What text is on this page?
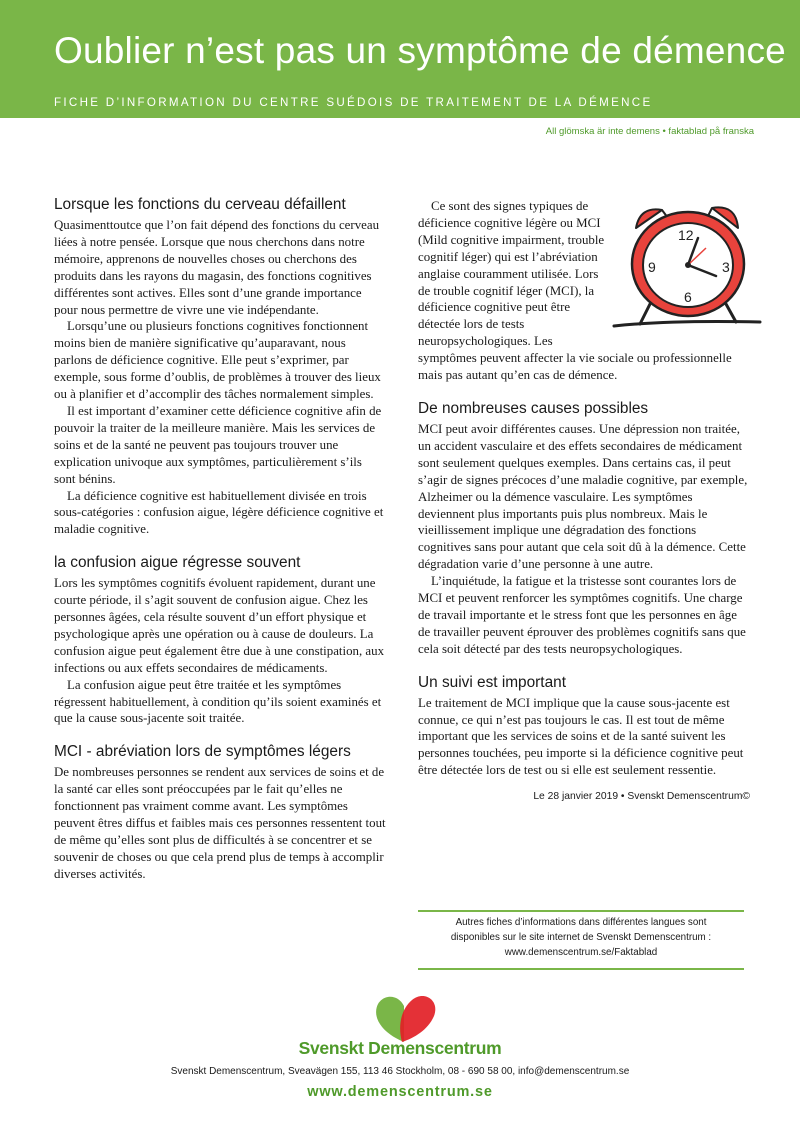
Oublier n’est pas un symptôme de démence
FICHE D’INFORMATION DU CENTRE SUÉDOIS DE TRAITEMENT DE LA DÉMENCE
All glömska är inte demens • faktablad på franska
Lorsque les fonctions du cerveau défaillent

Quasimenttoutce que l’on fait dépend des fonctions du cerveau liées à notre pensée. Lorsque que nous cherchons dans notre mémoire, apprenons de nouvelles choses ou cherchons des produits dans les rayons du magasin, des fonctions cognitives différentes sont actives. Elles sont d’une grande importance pour nous permettre de vivre une vie indépendante.

Lorsqu’une ou plusieurs fonctions cognitives fonctionnent moins bien de manière significative qu’auparavant, nous parlons de déficience cognitive. Elle peut s’exprimer, par exemple, sous forme d’oublis, de problèmes à trouver des lieux ou à planifier et d’accomplir des tâches normalement simples.

Il est important d’examiner cette déficience cognitive afin de pouvoir la traiter de la meilleure manière. Mais les services de soins et de la santé ne peuvent pas toujours trouver une explication univoque aux symptômes, particulièrement s’ils sont bénins.

La déficience cognitive est habituellement divisée en trois sous-catégories : confusion aigue, légère déficience cognitive et maladie cognitive.

la confusion aigue régresse souvent

Lors les symptômes cognitifs évoluent rapidement, durant une courte période, il s’agit souvent de confusion aigue. Chez les personnes âgées, cela résulte souvent d’un effort physique et psychologique après une opération ou à cause de douleurs. La confusion aigue peut également être due à une constipation, aux infections ou aux effets secondaires de médicaments.

La confusion aigue peut être traitée et les symptômes régressent habituellement, à condition qu’ils soient examinés et que la cause sous-jacente soit traitée.

MCI - abréviation lors de symptômes légers

De nombreuses personnes se rendent aux services de soins et de la santé car elles sont préoccupées par le fait qu’elles ne fonctionnent pas vraiment comme avant. Les symptômes peuvent êtres diffus et faibles mais ces personnes ressentent tout de même qu’elles sont plus de difficultés à se concentrer et se souvenir de choses ou que cela prend plus de temps à accomplir diverses activités.

12
3
6
9

Ce sont des signes typiques de déficience cognitive légère ou MCI (Mild cognitive impairment, trouble cognitif léger) qui est l’abréviation anglaise couramment utilisée. Lors de trouble cognitif léger (MCI), la déficience cognitive peut être détectée lors de tests neuropsychologiques. Les symptômes peuvent affecter la vie sociale ou professionnelle mais pas autant qu’en cas de démence.

De nombreuses causes possibles

MCI peut avoir différentes causes. Une dépression non traitée, un accident vasculaire et des effets secondaires de médicament sont seulement quelques exemples. Dans certains cas, il peut s’agir de signes précoces d’une maladie cognitive, par exemple, Alzheimer ou la démence vasculaire. Les symptômes deviennent plus importants puis plus nombreux. Mais le vieillissement implique une dégradation des fonctions cognitives sans pour autant que cela soit dû à la démence. Cette dégradation varie d’une personne à une autre.

L’inquiétude, la fatigue et la tristesse sont courantes lors de MCI et peuvent renforcer les symptômes cognitifs. Une charge de travail importante et le stress font que les personnes en âge de travailler peuvent éprouver des problèmes cognitifs sans que cela soit détecté par des tests neuropsychologiques.

Un suivi est important

Le traitement de MCI implique que la cause sous-jacente est connue, ce qui n’est pas toujours le cas. Il est tout de même important que les services de soins et de la santé suivent les personnes touchées, peu importe si la déficience cognitive peut être détectée lors de test ou si elle est seulement ressentie.

Le 28 janvier 2019 • Svenskt Demenscentrum©
Autres fiches d’informations dans différentes langues sont
disponibles sur le site internet de Svenskt Demenscentrum :
www.demenscentrum.se/Faktablad
Svenskt Demenscentrum
Svenskt Demenscentrum, Sveavägen 155, 113 46 Stockholm, 08 - 690 58 00, info@demenscentrum.se
www.demenscentrum.se
